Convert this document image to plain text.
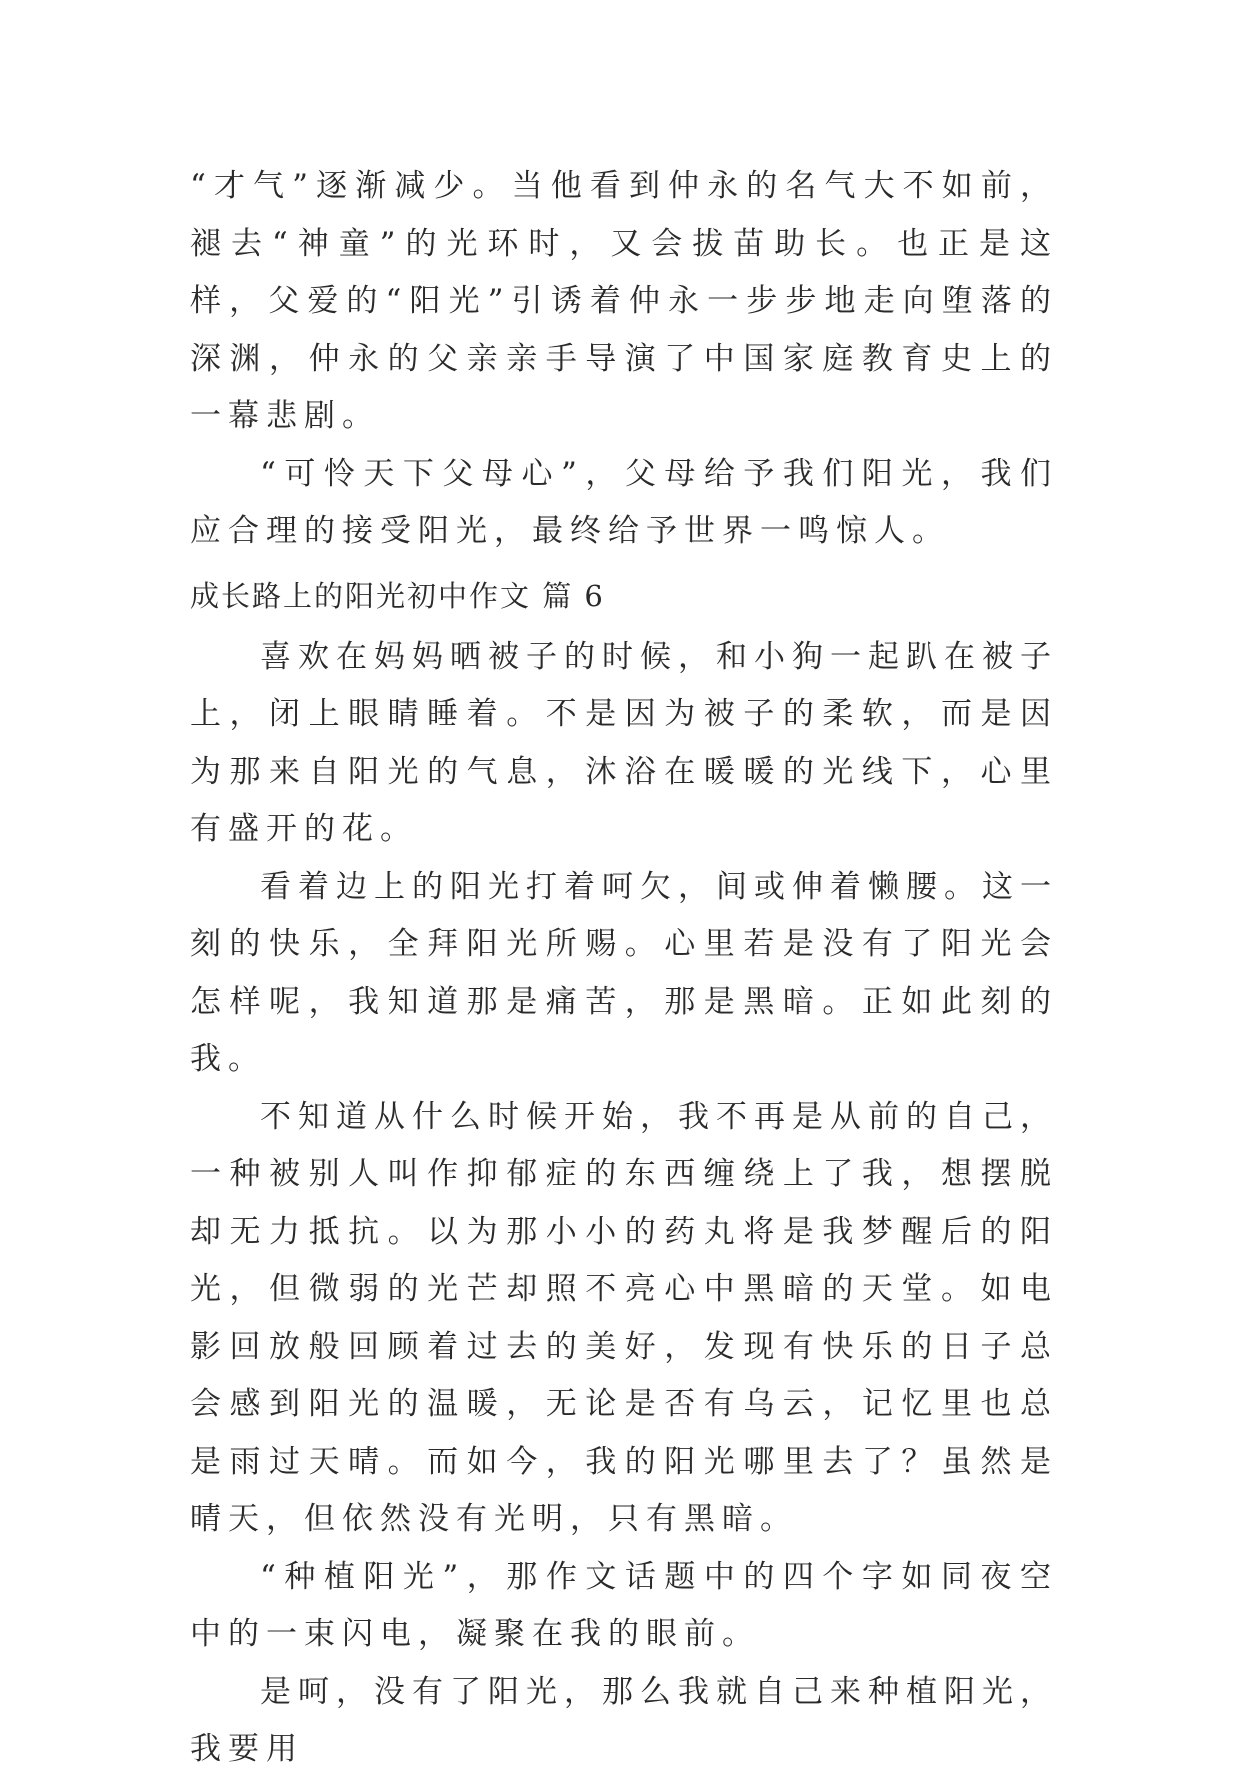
“才气”逐渐减少。当他看到仲永的名气大不如前，褪去“神童”的光环时，又会拔苗助长。也正是这样，父爱的“阳光”引诱着仲永一步步地走向堕落的深渊，仲永的父亲亲手导演了中国家庭教育史上的一幕悲剧。

“可怜天下父母心”，父母给予我们阳光，我们应合理的接受阳光，最终给予世界一鸣惊人。

成长路上的阳光初中作文 篇 6

喜欢在妈妈晒被子的时候，和小狗一起趴在被子上，闭上眼睛睡着。不是因为被子的柔软，而是因为那来自阳光的气息，沐浴在暖暖的光线下，心里有盛开的花。

看着边上的阳光打着呵欠，间或伸着懒腰。这一刻的快乐，全拜阳光所赐。心里若是没有了阳光会怎样呢，我知道那是痛苦，那是黑暗。正如此刻的我。

不知道从什么时候开始，我不再是从前的自己，一种被别人叫作抑郁症的东西缠绕上了我，想摆脱却无力抵抗。以为那小小的药丸将是我梦醒后的阳光，但微弱的光芒却照不亮心中黑暗的天堂。如电影回放般回顾着过去的美好，发现有快乐的日子总会感到阳光的温暖，无论是否有乌云，记忆里也总是雨过天晴。而如今，我的阳光哪里去了？虽然是晴天，但依然没有光明，只有黑暗。

“种植阳光”，那作文话题中的四个字如同夜空中的一束闪电，凝聚在我的眼前。

是呵，没有了阳光，那么我就自己来种植阳光，我要用
